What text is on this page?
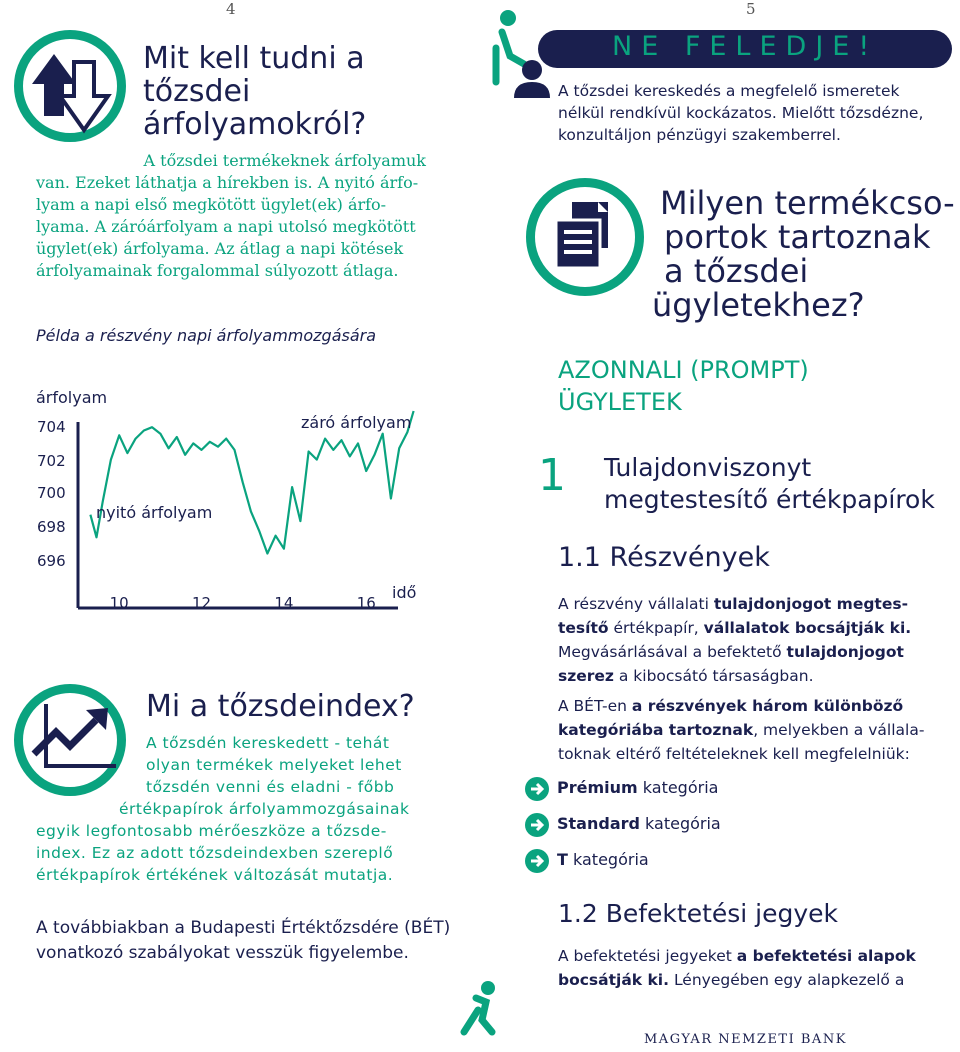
4
Mit kell tudni a
tőzsdei
árfolyamokról?
A tőzsdei termékeknek árfolyamuk
van. Ezeket láthatja a hírekben is. A nyitó árfo-
lyam a napi első megkötött ügylet(ek) árfo-
lyama. A záróárfolyam a napi utolsó megkötött
ügylet(ek) árfolyama. Az átlag a napi kötések
árfolyamainak forgalommal súlyozott átlaga.
Példa a részvény napi árfolyammozgására
árfolyam
704
702
700
698
696
10	12	14	16
idő
nyitó árfolyam
záró árfolyam
Mi a tőzsdeindex?
A tőzsdén kereskedett - tehát
olyan termékek melyeket lehet
tőzsdén venni és eladni - főbb
értékpapírok árfolyammozgásainak
egyik legfontosabb mérőeszköze a tőzsde-
index. Ez az adott tőzsdeindexben szereplő
értékpapírok értékének változását mutatja.
A továbbiakban a Budapesti Értéktőzsdére (BÉT)
vonatkozó szabályokat vesszük figyelembe.
5
NE FELEDJE!
A tőzsdei kereskedés a megfelelő ismeretek
nélkül rendkívül kockázatos. Mielőtt tőzsdézne,
konzultáljon pénzügyi szakemberrel.
Milyen termékcso-
portok tartoznak
a tőzsdei
ügyletekhez?
AZONNALI (PROMPT)
ÜGYLETEK
1 Tulajdonviszonyt
megtestesítő értékpapírok
1.1 Részvények
A részvény vállalati tulajdonjogot megtes-
tesítő értékpapír, vállalatok bocsájtják ki.
Megvásárlásával a befektető tulajdonjogot
szerez a kibocsátó társaságban.
A BÉT-en a részvények három különböző
kategóriába tartoznak, melyekben a vállala-
toknak eltérő feltételeknek kell megfelelniük:
Prémium kategória
Standard kategória
T kategória
1.2 Befektetési jegyek
A befektetési jegyeket a befektetési alapok
bocsátják ki. Lényegében egy alapkezelő a
MAGYAR NEMZETI BANK
